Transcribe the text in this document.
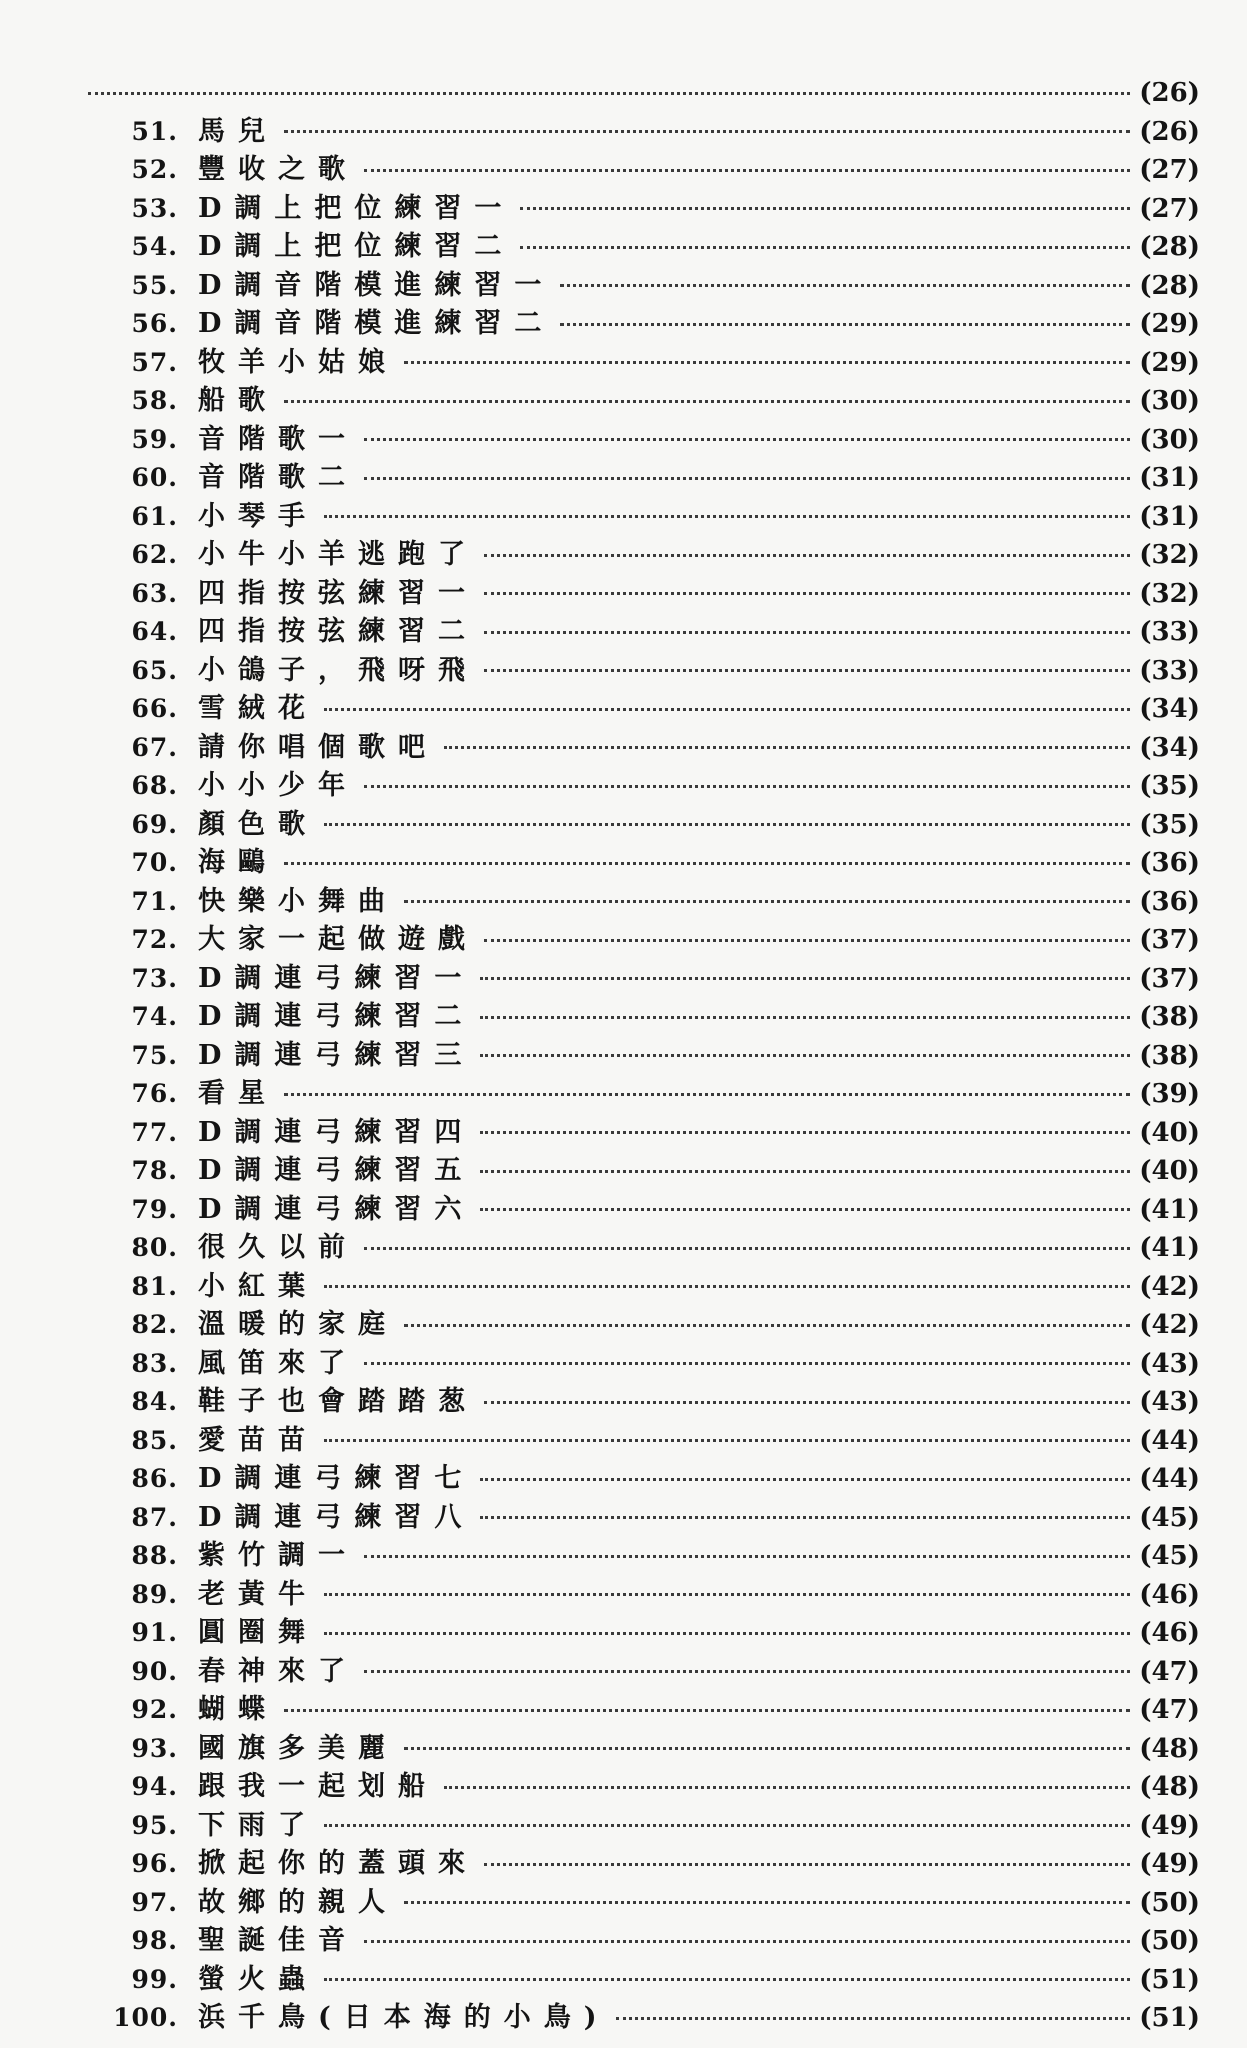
(26)
51. 馬兒	(26)
52. 豐收之歌	(27)
53. D調上把位練習一	(27)
54. D調上把位練習二	(28)
55. D調音階模進練習一	(28)
56. D調音階模進練習二	(29)
57. 牧羊小姑娘	(29)
58. 船歌	(30)
59. 音階歌一	(30)
60. 音階歌二	(31)
61. 小琴手	(31)
62. 小牛小羊逃跑了	(32)
63. 四指按弦練習一	(32)
64. 四指按弦練習二	(33)
65. 小鴿子，飛呀飛	(33)
66. 雪絨花	(34)
67. 請你唱個歌吧	(34)
68. 小小少年	(35)
69. 顏色歌	(35)
70. 海鷗	(36)
71. 快樂小舞曲	(36)
72. 大家一起做遊戲	(37)
73. D調連弓練習一	(37)
74. D調連弓練習二	(38)
75. D調連弓練習三	(38)
76. 看星	(39)
77. D調連弓練習四	(40)
78. D調連弓練習五	(40)
79. D調連弓練習六	(41)
80. 很久以前	(41)
81. 小紅葉	(42)
82. 溫暖的家庭	(42)
83. 風笛來了	(43)
84. 鞋子也會踏踏葱	(43)
85. 愛苗苗	(44)
86. D調連弓練習七	(44)
87. D調連弓練習八	(45)
88. 紫竹調一	(45)
89. 老黃牛	(46)
91. 圓圈舞	(46)
90. 春神來了	(47)
92. 蝴蝶	(47)
93. 國旗多美麗	(48)
94. 跟我一起划船	(48)
95. 下雨了	(49)
96. 掀起你的蓋頭來	(49)
97. 故鄉的親人	(50)
98. 聖誕佳音	(50)
99. 螢火蟲	(51)
100. 浜千鳥(日本海的小鳥)	(51)
